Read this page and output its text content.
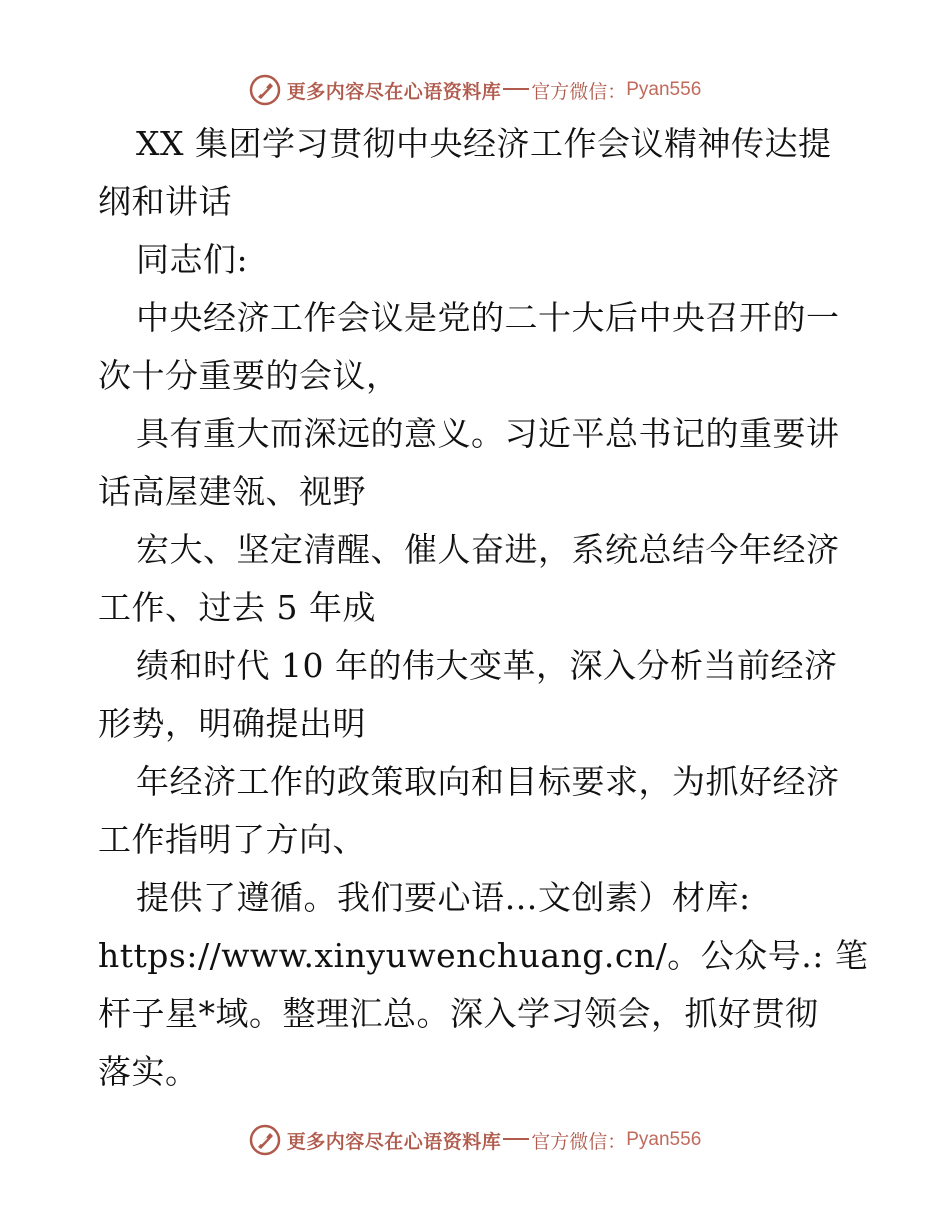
更多内容尽在心语资料库 官方微信： Pyan556
XX 集团学习贯彻中央经济工作会议精神传达提
纲和讲话
同志们:
中央经济工作会议是党的二十大后中央召开的一
次十分重要的会议，
具有重大而深远的意义。习近平总书记的重要讲
话高屋建瓴、视野
宏大、坚定清醒、催人奋进，系统总结今年经济
工作、过去 5 年成
绩和时代 10 年的伟大变革，深入分析当前经济
形势，明确提出明
年经济工作的政策取向和目标要求，为抓好经济
工作指明了方向、
提供了遵循。我们要心语…文创素）材库:
https://www.xinyuwenchuang.cn/。公众号.: 笔
杆子星*域。整理汇总。深入学习领会，抓好贯彻
落实。
更多内容尽在心语资料库 官方微信： Pyan556
